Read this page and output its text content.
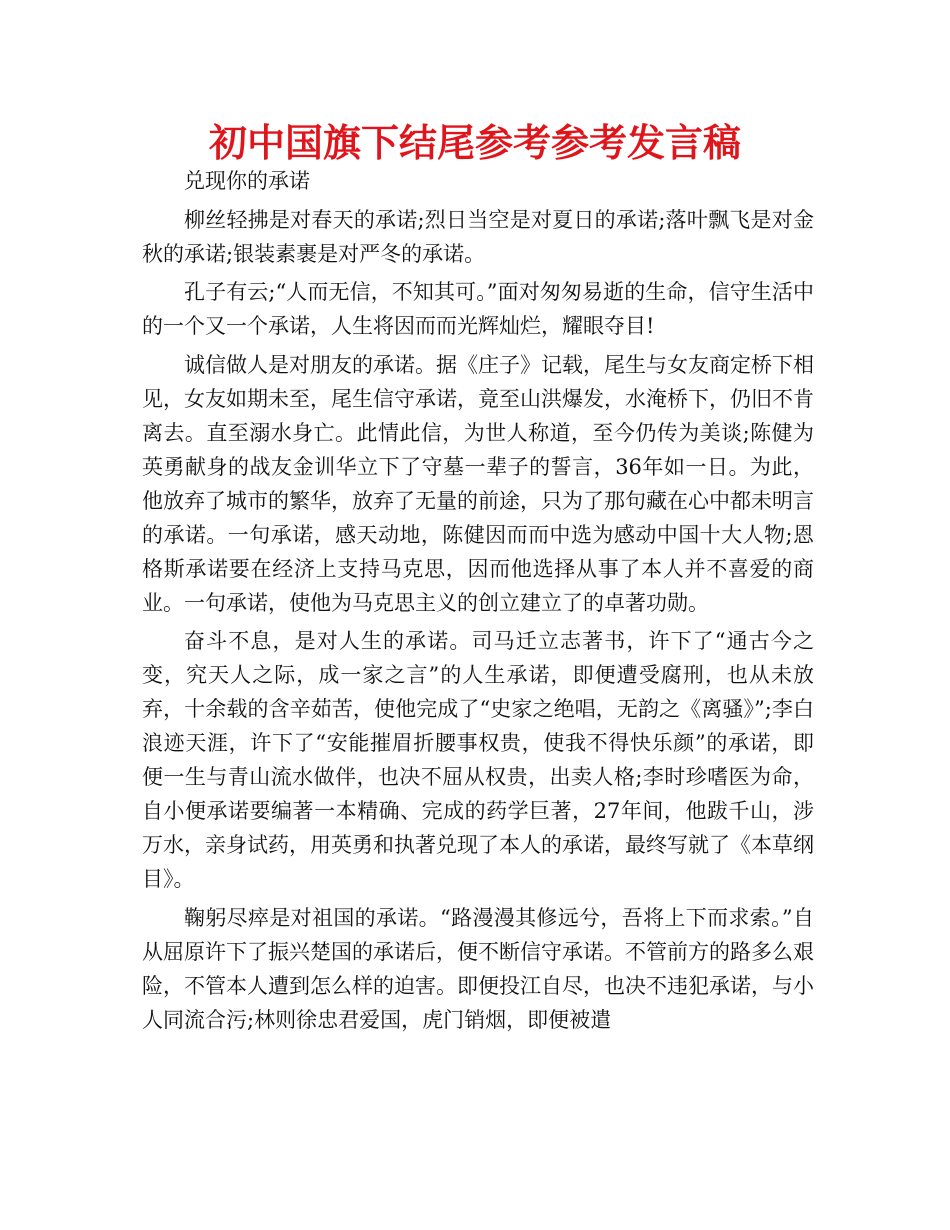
初中国旗下结尾参考参考发言稿

兑现你的承诺

柳丝轻拂是对春天的承诺;烈日当空是对夏日的承诺;落叶飘飞是对金秋的承诺;银装素裹是对严冬的承诺。

孔子有云;“人而无信，不知其可。”面对匆匆易逝的生命，信守生活中的一个又一个承诺，人生将因而而光辉灿烂，耀眼夺目!

诚信做人是对朋友的承诺。据《庄子》记载，尾生与女友商定桥下相见，女友如期未至，尾生信守承诺，竟至山洪爆发，水淹桥下，仍旧不肯离去。直至溺水身亡。此情此信，为世人称道，至今仍传为美谈;陈健为英勇献身的战友金训华立下了守墓一辈子的誓言，36年如一日。为此，他放弃了城市的繁华，放弃了无量的前途，只为了那句藏在心中都未明言的承诺。一句承诺，感天动地，陈健因而而中选为感动中国十大人物;恩格斯承诺要在经济上支持马克思，因而他选择从事了本人并不喜爱的商业。一句承诺，使他为马克思主义的创立建立了的卓著功勋。

奋斗不息，是对人生的承诺。司马迁立志著书，许下了“通古今之变，究天人之际，成一家之言”的人生承诺，即便遭受腐刑，也从未放弃，十余载的含辛茹苦，使他完成了“史家之绝唱，无韵之《离骚》”;李白浪迹天涯，许下了“安能摧眉折腰事权贵，使我不得快乐颜”的承诺，即便一生与青山流水做伴，也决不屈从权贵，出卖人格;李时珍嗜医为命，自小便承诺要编著一本精确、完成的药学巨著，27年间，他跋千山，涉万水，亲身试药，用英勇和执著兑现了本人的承诺，最终写就了《本草纲目》。

鞠躬尽瘁是对祖国的承诺。“路漫漫其修远兮，吾将上下而求索。”自从屈原许下了振兴楚国的承诺后，便不断信守承诺。不管前方的路多么艰险，不管本人遭到怎么样的迫害。即便投江自尽，也决不违犯承诺，与小人同流合污;林则徐忠君爱国，虎门销烟，即便被遣
